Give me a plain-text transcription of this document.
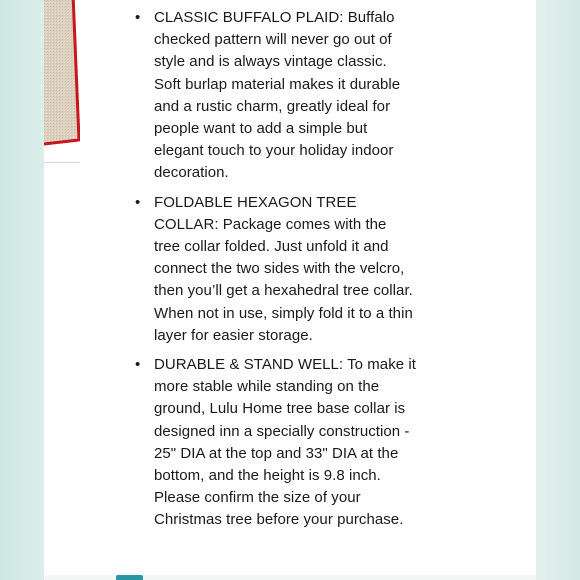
• CLASSIC BUFFALO PLAID: Buffalo checked pattern will never go out of style and is always vintage classic. Soft burlap material makes it durable and a rustic charm, greatly ideal for people want to add a simple but elegant touch to your holiday indoor decoration.
• FOLDABLE HEXAGON TREE COLLAR: Package comes with the tree collar folded. Just unfold it and connect the two sides with the velcro, then you’ll get a hexahedral tree collar. When not in use, simply fold it to a thin layer for easier storage.
• DURABLE & STAND WELL: To make it more stable while standing on the ground, Lulu Home tree base collar is designed inn a specially construction - 25" DIA at the top and 33" DIA at the bottom, and the height is 9.8 inch. Please confirm the size of your Christmas tree before your purchase.
